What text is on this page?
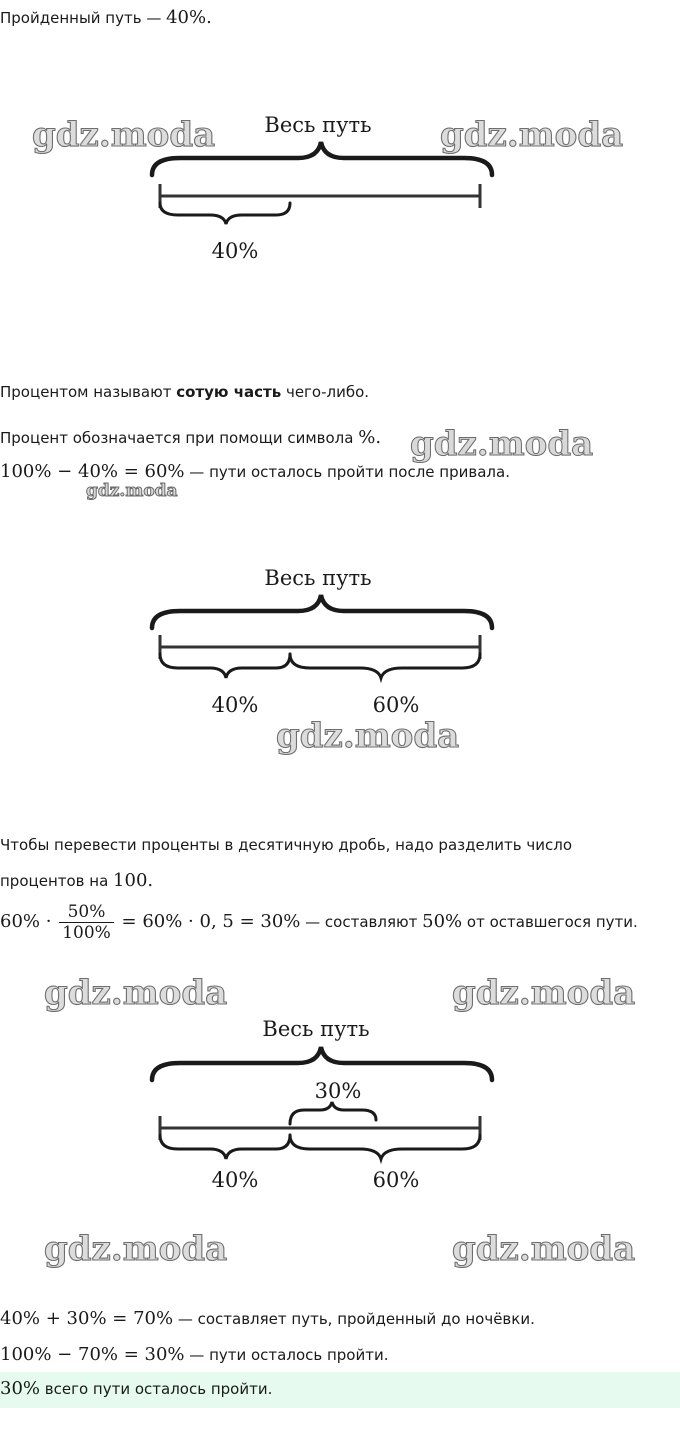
Пройденный путь — 40%.
gdz.moda	gdz.moda
Весь путь
40%
Процентом называют сотую часть чего-либо.
Процент обозначается при помощи символа %. gdz.moda
100% − 40% = 60% — пути осталось пройти после привала.
gdz.moda
Весь путь
40%	60%
gdz.moda
Чтобы перевести проценты в десятичную дробь, надо разделить число
процентов на 100.
$60\% \cdot \frac{50\%}{100\%} = 60\% \cdot 0$, 5 = 30% — составляют 50% от оставшегося пути.
gdz.moda	gdz.moda
Весь путь
30%
40%	60%
gdz.moda	gdz.moda
40% + 30% = 70% — составляет путь, пройденный до ночёвки.
100% − 70% = 30% — пути осталось пройти.
30% всего пути осталось пройти.
